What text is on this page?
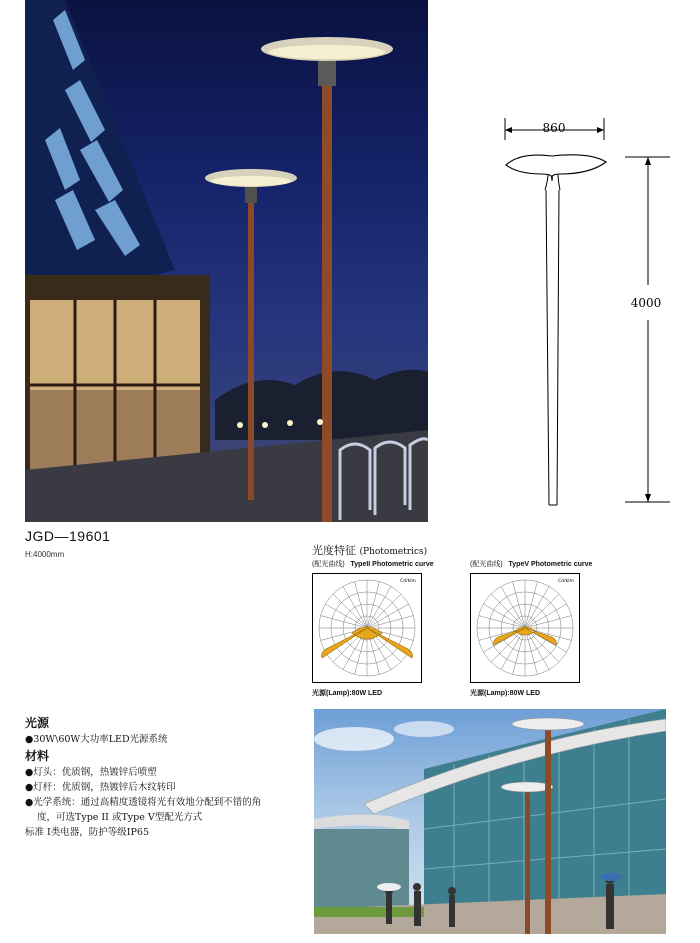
JGD—19601
H:4000mm
860
4000
光度特征 (Photometrics)
(配光曲线) TypeII Photometric curve	(配光曲线) TypeV Photometric curve
Cd/klm	Cd/klm
光源(Lamp):80W LED	光源(Lamp):80W LED
光源
●30W\60W大功率LED光源系统
材料
●灯头：优质钢，热镀锌后喷塑
●灯杆：优质钢，热镀锌后木纹转印
●光学系统：通过高精度透镜将光有效地分配到不错的角
度，可选Type II 或Type V型配光方式
标准 I类电器，防护等级IP65
